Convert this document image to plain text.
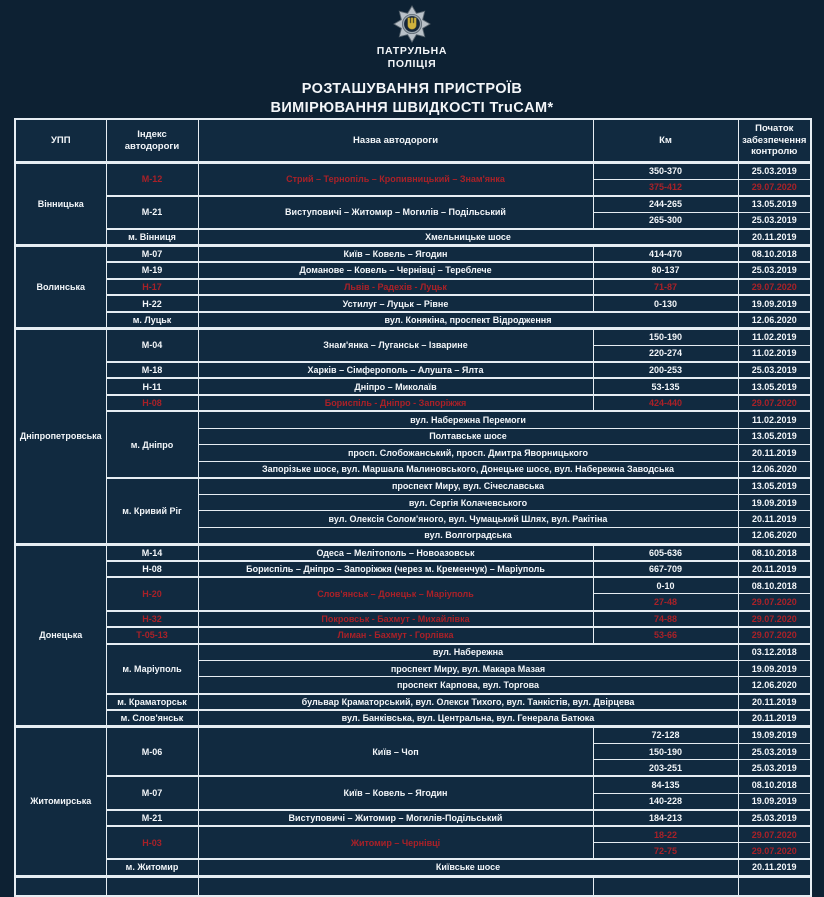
ПАТРУЛЬНА
ПОЛІЦІЯ
РОЗТАШУВАННЯ ПРИСТРОЇВ
ВИМІРЮВАННЯ ШВИДКОСТІ TruCAM*
УПП	Індекс автодороги	Назва автодороги	Км	Початок забезпечення контролю
Вінницька	М-12	Стрий – Тернопіль – Кропивницький – Знам'янка	350-370	25.03.2019
			375-412	29.07.2020
	М-21	Виступовичі – Житомир – Могилів – Подільський	244-265	13.05.2019
			265-300	25.03.2019
	м. Вінниця	Хмельницьке шосе		20.11.2019
Волинська	М-07	Київ – Ковель – Ягодин	414-470	08.10.2018
	М-19	Доманове – Ковель – Чернівці – Тереблече	80-137	25.03.2019
	Н-17	Львів - Радехів - Луцьк	71-87	29.07.2020
	Н-22	Устилуг – Луцьк – Рівне	0-130	19.09.2019
	м. Луцьк	вул. Конякіна, проспект Відродження		12.06.2020
Дніпропетровська	М-04	Знам'янка – Луганськ – Ізварине	150-190	11.02.2019
			220-274	11.02.2019
	М-18	Харків – Сімферополь – Алушта – Ялта	200-253	25.03.2019
	Н-11	Дніпро – Миколаїв	53-135	13.05.2019
	Н-08	Бориспіль - Дніпро - Запоріжжя	424-440	29.07.2020
	м. Дніпро	вул. Набережна Перемоги		11.02.2019
		Полтавське шосе		13.05.2019
		просп. Слобожанський, просп. Дмитра Яворницького		20.11.2019
		Запорізьке шосе, вул. Маршала Малиновського, Донецьке шосе, вул. Набережна Заводська		12.06.2020
	м. Кривий Ріг	проспект Миру, вул. Січеславська		13.05.2019
		вул. Сергія Колачевського		19.09.2019
		вул. Олексія Солом'яного, вул. Чумацький Шлях, вул. Ракітіна		20.11.2019
		вул. Волгоградська		12.06.2020
Донецька	М-14	Одеса – Мелітополь – Новоазовськ	605-636	08.10.2018
	Н-08	Бориспіль – Дніпро – Запоріжжя (через м. Кременчук) – Маріуполь	667-709	20.11.2019
	Н-20	Слов'янськ – Донецьк – Маріуполь	0-10	08.10.2018
			27-48	29.07.2020
	Н-32	Покровськ - Бахмут - Михайлівка	74-88	29.07.2020
	Т-05-13	Лиман - Бахмут - Горлівка	53-66	29.07.2020
	м. Маріуполь	вул. Набережна		03.12.2018
		проспект Миру, вул. Макара Мазая		19.09.2019
		проспект Карпова, вул. Торгова		12.06.2020
	м. Краматорськ	бульвар Краматорський, вул. Олекси Тихого, вул. Танкістів, вул. Двірцева		20.11.2019
	м. Слов'янськ	вул. Банківська, вул. Центральна, вул. Генерала Батюка		20.11.2019
Житомирська	М-06	Київ – Чоп	72-128	19.09.2019
			150-190	25.03.2019
			203-251	25.03.2019
	М-07	Київ – Ковель – Ягодин	84-135	08.10.2018
			140-228	19.09.2019
	М-21	Виступовичі – Житомир – Могилів-Подільський	184-213	25.03.2019
	Н-03	Житомир – Чернівці	18-22	29.07.2020
			72-75	29.07.2020
	м. Житомир	Київське шосе		20.11.2019
